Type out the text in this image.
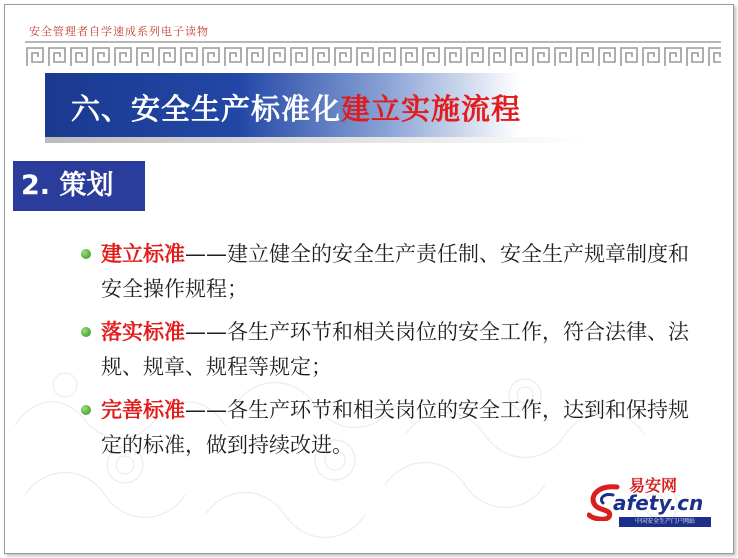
安全管理者自学速成系列电子读物
六、安全生产标准化建立实施流程
2. 策划
建立标准——建立健全的安全生产责任制、安全生产规章制度和安全操作规程；
落实标准——各生产环节和相关岗位的安全工作，符合法律、法规、规章、规程等规定；
完善标准——各生产环节和相关岗位的安全工作，达到和保持规定的标准，做到持续改进。
易安网
afety.cn
中国安全生产门户网站
